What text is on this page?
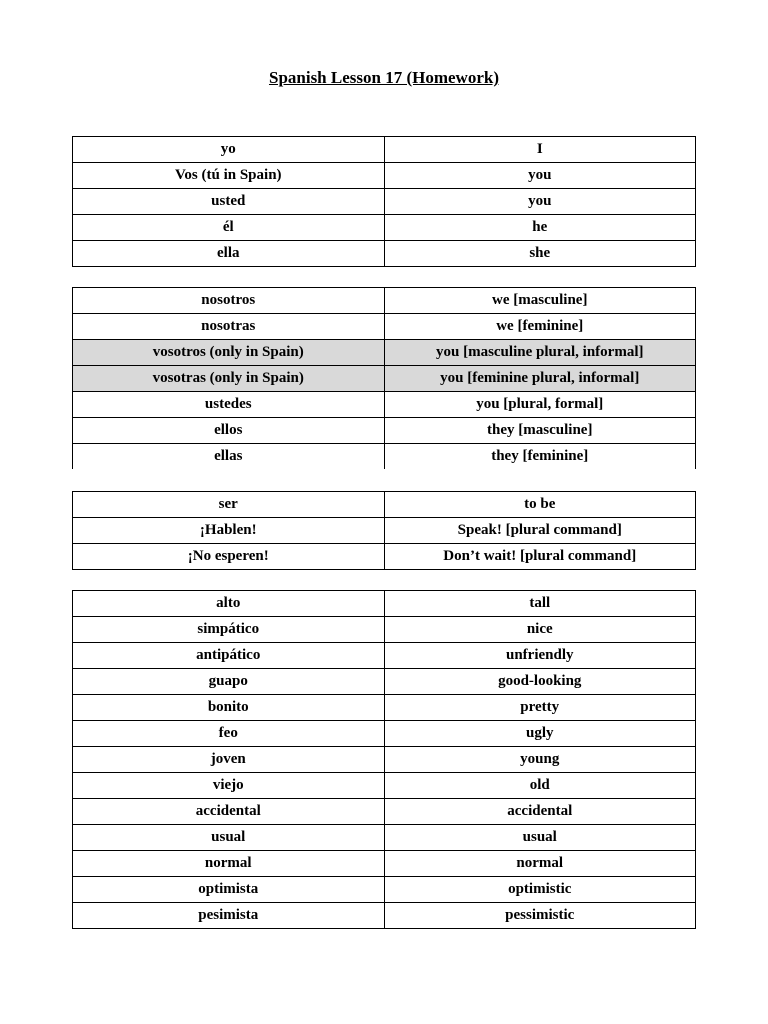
Spanish Lesson 17 (Homework)
yo	I
Vos (tú in Spain)	you
usted	you
él	he
ella	she
nosotros	we [masculine]
nosotras	we [feminine]
vosotros (only in Spain)	you [masculine plural, informal]
vosotras (only in Spain)	you [feminine plural, informal]
ustedes	you [plural, formal]
ellos	they [masculine]
ellas	they [feminine]
ser	to be
¡Hablen!	Speak! [plural command]
¡No esperen!	Don’t wait! [plural command]
alto	tall
simpático	nice
antipático	unfriendly
guapo	good-looking
bonito	pretty
feo	ugly
joven	young
viejo	old
accidental	accidental
usual	usual
normal	normal
optimista	optimistic
pesimista	pessimistic
